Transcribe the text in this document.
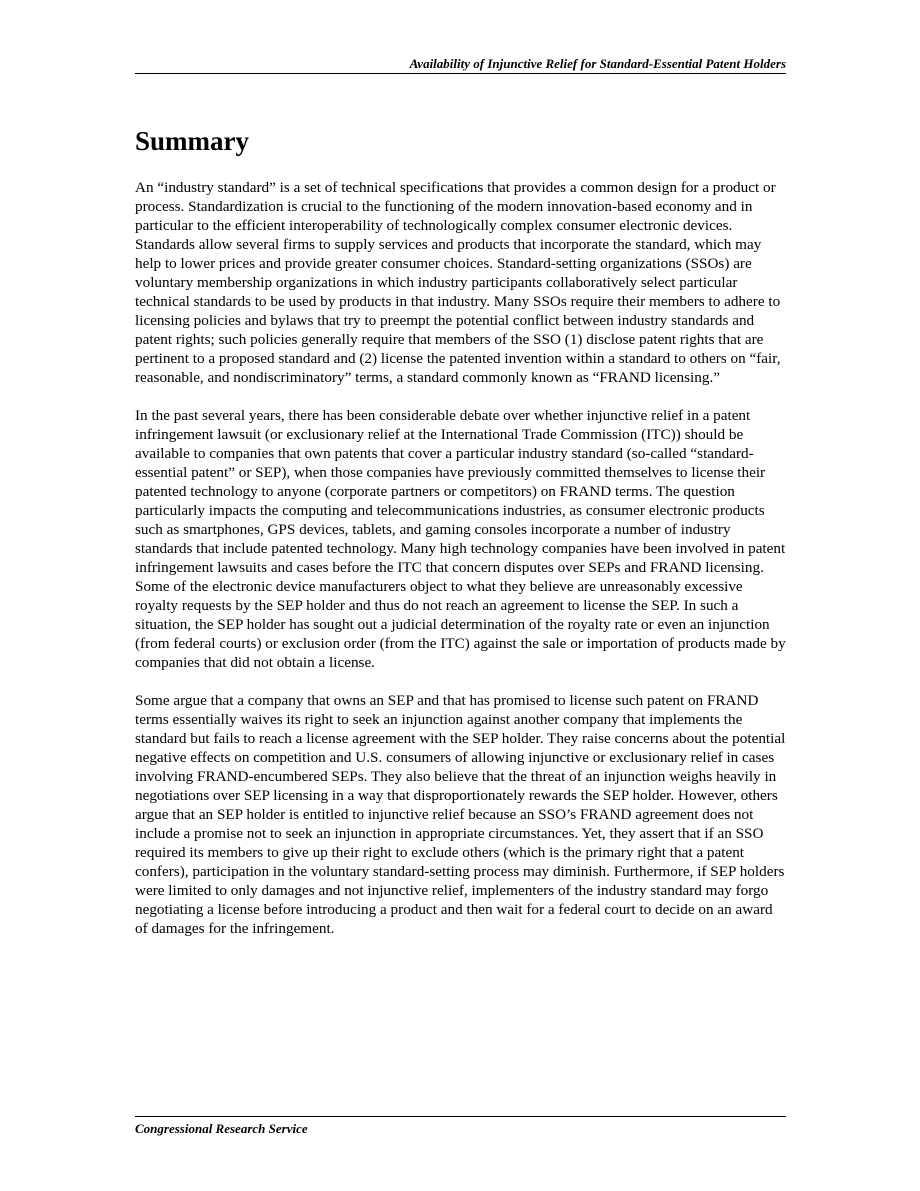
Availability of Injunctive Relief for Standard-Essential Patent Holders
Summary

An “industry standard” is a set of technical specifications that provides a common design for a product or process. Standardization is crucial to the functioning of the modern innovation-based economy and in particular to the efficient interoperability of technologically complex consumer electronic devices. Standards allow several firms to supply services and products that incorporate the standard, which may help to lower prices and provide greater consumer choices. Standard-setting organizations (SSOs) are voluntary membership organizations in which industry participants collaboratively select particular technical standards to be used by products in that industry. Many SSOs require their members to adhere to licensing policies and bylaws that try to preempt the potential conflict between industry standards and patent rights; such policies generally require that members of the SSO (1) disclose patent rights that are pertinent to a proposed standard and (2) license the patented invention within a standard to others on “fair, reasonable, and nondiscriminatory” terms, a standard commonly known as “FRAND licensing.”

In the past several years, there has been considerable debate over whether injunctive relief in a patent infringement lawsuit (or exclusionary relief at the International Trade Commission (ITC)) should be available to companies that own patents that cover a particular industry standard (so-called “standard-essential patent” or SEP), when those companies have previously committed themselves to license their patented technology to anyone (corporate partners or competitors) on FRAND terms. The question particularly impacts the computing and telecommunications industries, as consumer electronic products such as smartphones, GPS devices, tablets, and gaming consoles incorporate a number of industry standards that include patented technology. Many high technology companies have been involved in patent infringement lawsuits and cases before the ITC that concern disputes over SEPs and FRAND licensing. Some of the electronic device manufacturers object to what they believe are unreasonably excessive royalty requests by the SEP holder and thus do not reach an agreement to license the SEP. In such a situation, the SEP holder has sought out a judicial determination of the royalty rate or even an injunction (from federal courts) or exclusion order (from the ITC) against the sale or importation of products made by companies that did not obtain a license.

Some argue that a company that owns an SEP and that has promised to license such patent on FRAND terms essentially waives its right to seek an injunction against another company that implements the standard but fails to reach a license agreement with the SEP holder. They raise concerns about the potential negative effects on competition and U.S. consumers of allowing injunctive or exclusionary relief in cases involving FRAND-encumbered SEPs. They also believe that the threat of an injunction weighs heavily in negotiations over SEP licensing in a way that disproportionately rewards the SEP holder. However, others argue that an SEP holder is entitled to injunctive relief because an SSO’s FRAND agreement does not include a promise not to seek an injunction in appropriate circumstances. Yet, they assert that if an SSO required its members to give up their right to exclude others (which is the primary right that a patent confers), participation in the voluntary standard-setting process may diminish. Furthermore, if SEP holders were limited to only damages and not injunctive relief, implementers of the industry standard may forgo negotiating a license before introducing a product and then wait for a federal court to decide on an award of damages for the infringement.

Congressional Research Service
